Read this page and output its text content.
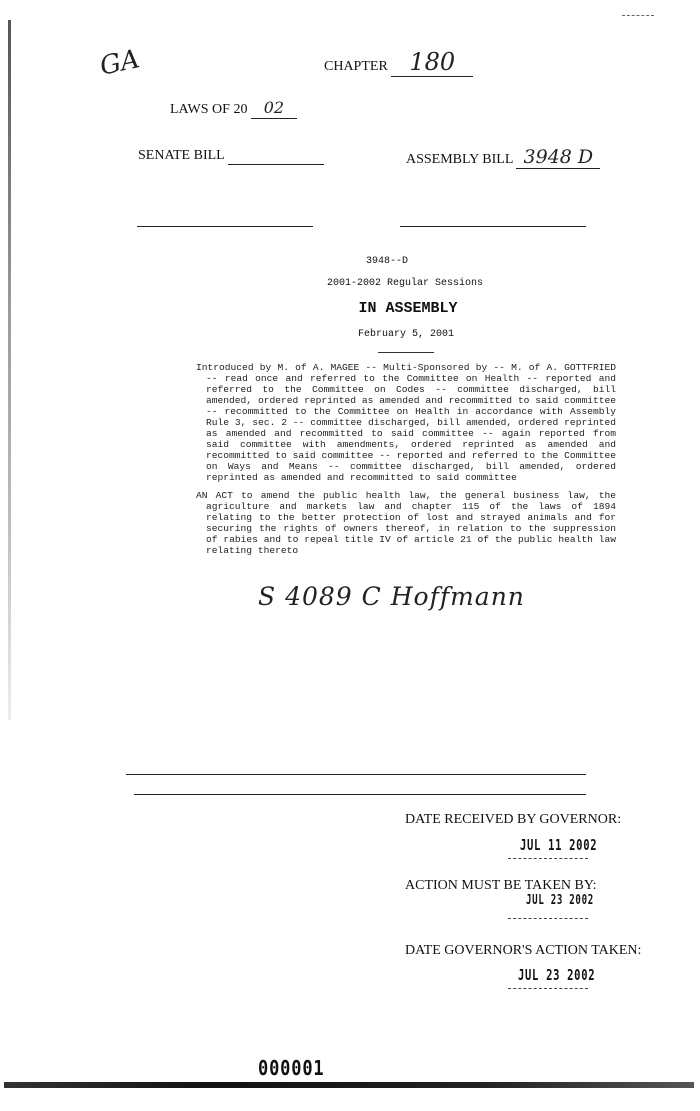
GA	CHAPTER 180
LAWS OF 20 02
SENATE BILL	ASSEMBLY BILL 3948 D
3948--D
2001-2002 Regular Sessions
IN ASSEMBLY
February 5, 2001

Introduced by M. of A. MAGEE -- Multi-Sponsored by -- M. of A. GOTTFRIED -- read once and referred to the Committee on Health -- reported and referred to the Committee on Codes -- committee discharged, bill amended, ordered reprinted as amended and recommitted to said committee -- recommitted to the Committee on Health in accordance with Assembly Rule 3, sec. 2 -- committee discharged, bill amended, ordered reprinted as amended and recommitted to said committee -- again reported from said committee with amendments, ordered reprinted as amended and recommitted to said committee -- reported and referred to the Committee on Ways and Means -- committee discharged, bill amended, ordered reprinted as amended and recommitted to said committee

AN ACT to amend the public health law, the general business law, the agriculture and markets law and chapter 115 of the laws of 1894 relating to the better protection of lost and strayed animals and for securing the rights of owners thereof, in relation to the suppression of rabies and to repeal title IV of article 21 of the public health law relating thereto

S 4089 C Hoffmann
DATE RECEIVED BY GOVERNOR:
JUL 11 2002
ACTION MUST BE TAKEN BY:
JUL 23 2002
DATE GOVERNOR'S ACTION TAKEN:
JUL 23 2002
000001
